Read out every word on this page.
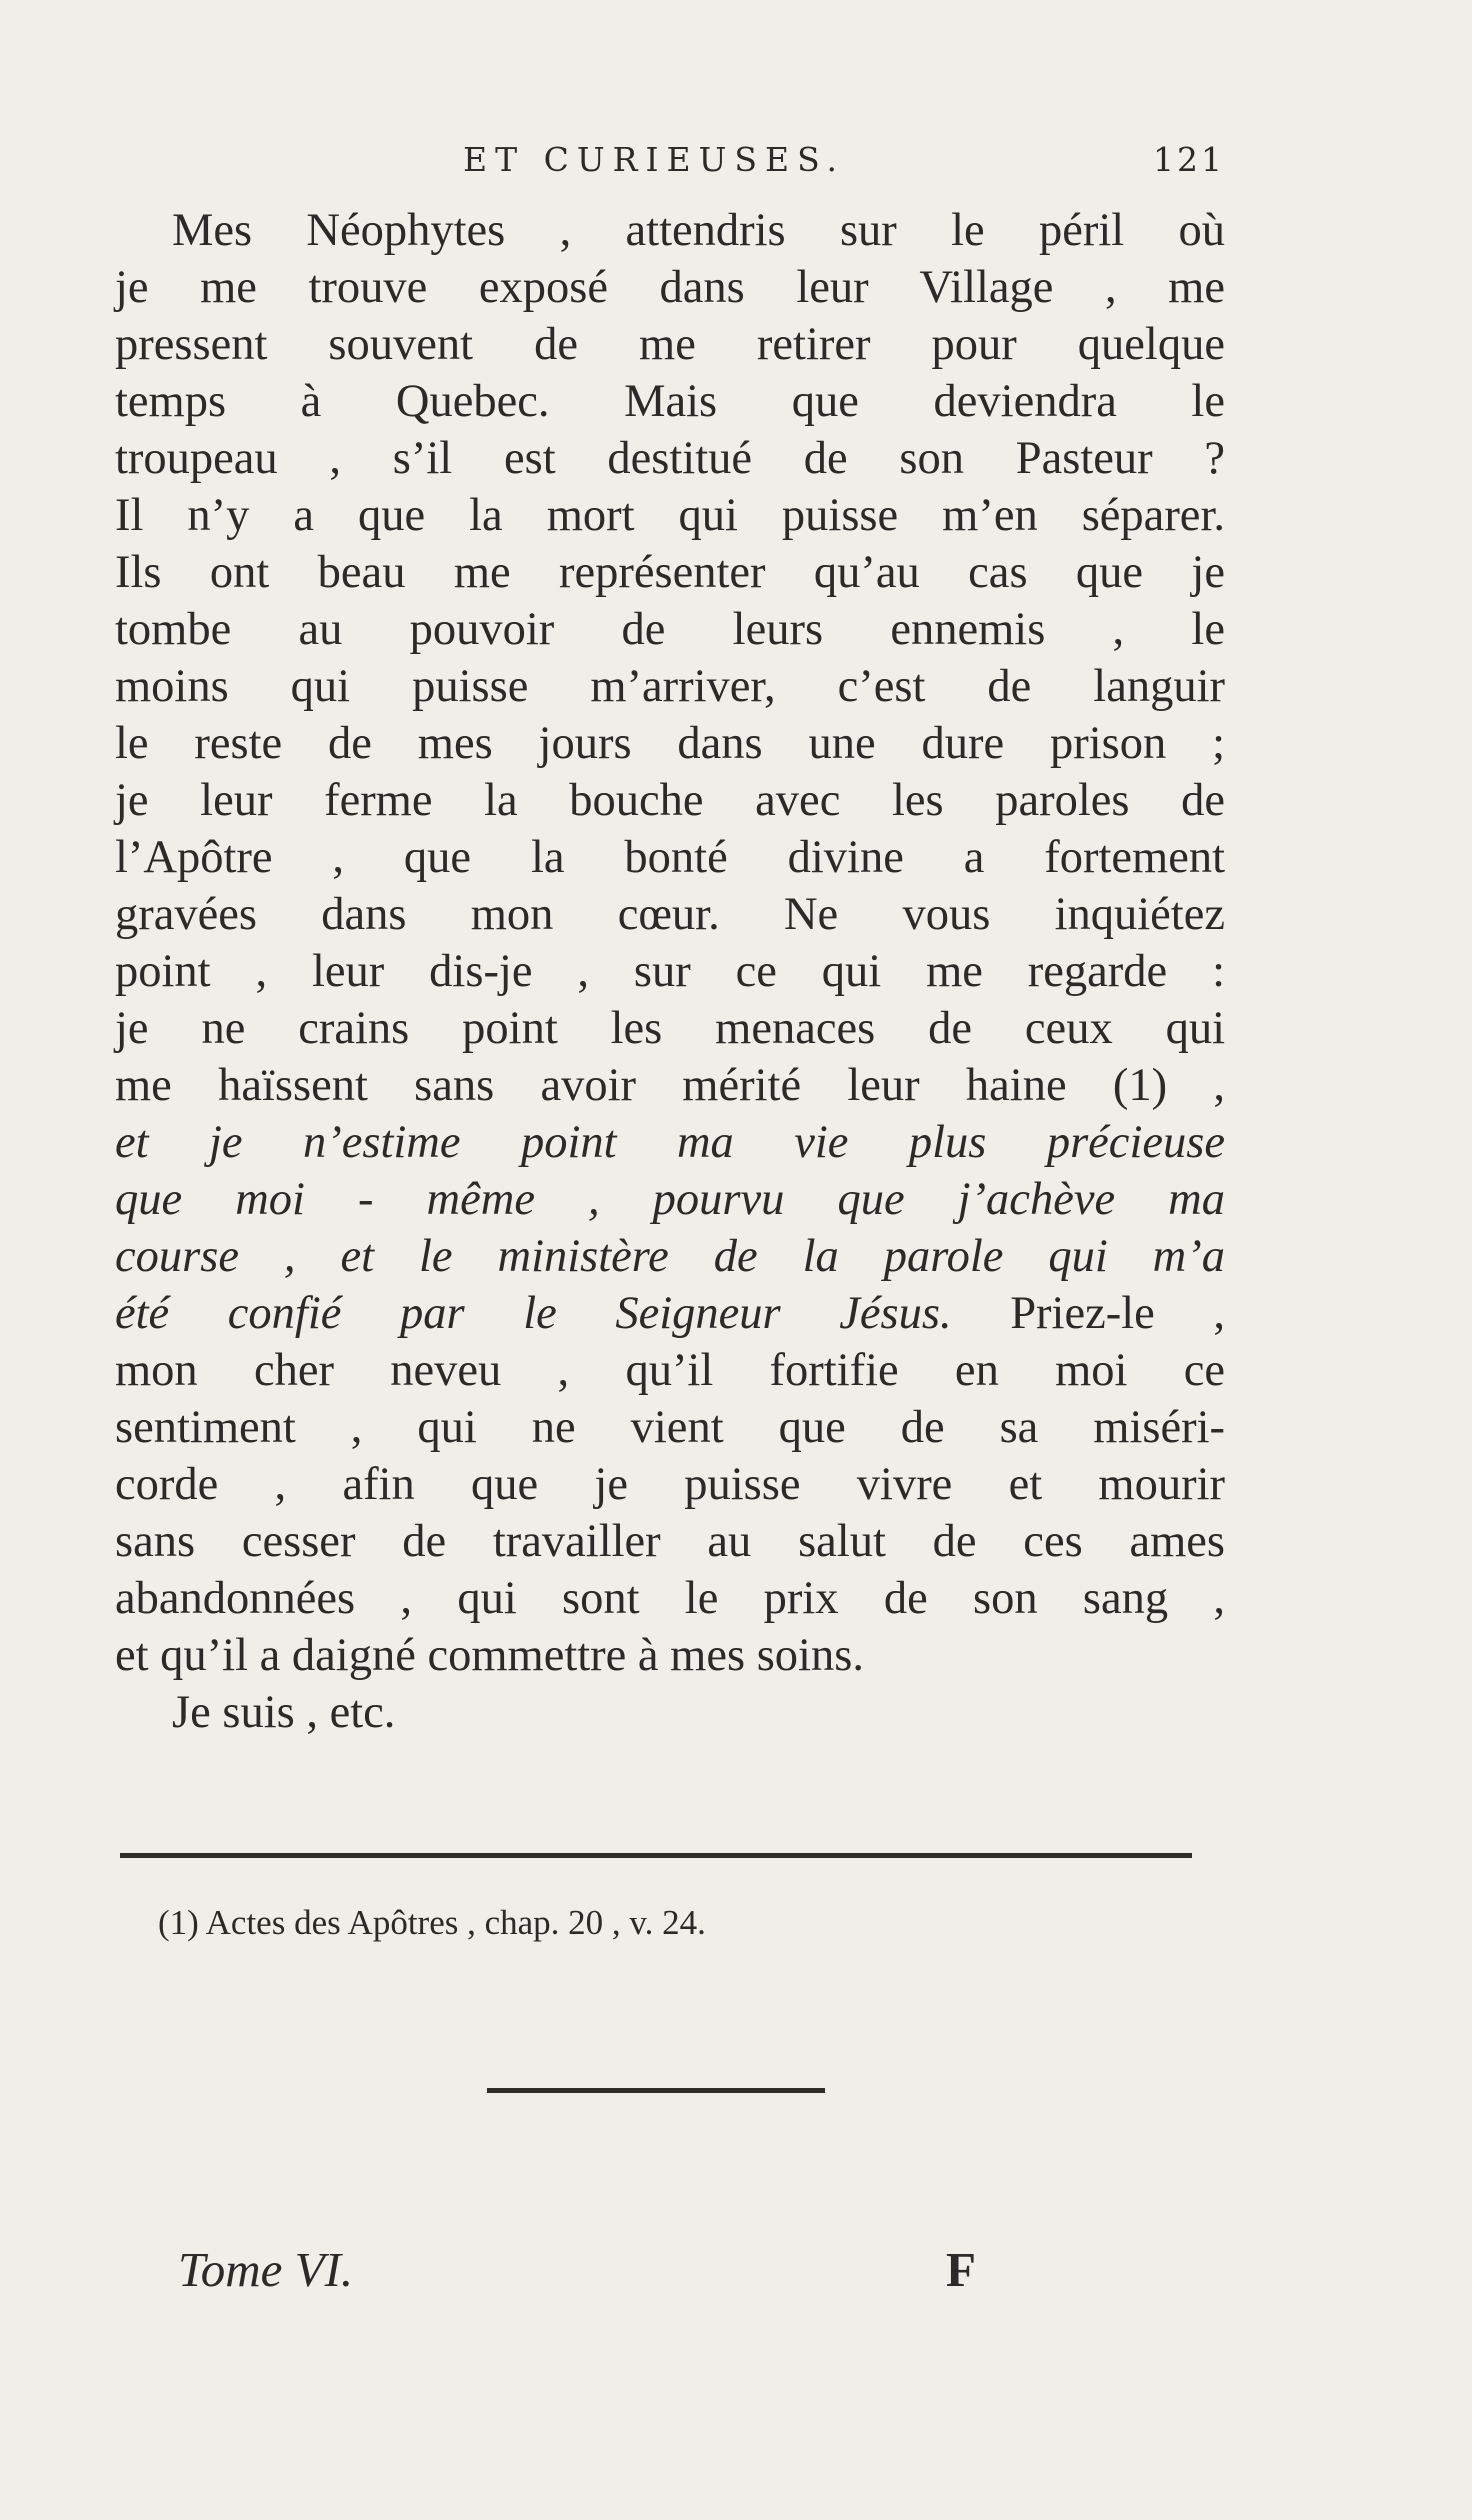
ET CURIEUSES.	121
Mes Néophytes , attendris sur le péril où
je me trouve exposé dans leur Village , me
pressent souvent de me retirer pour quelque
temps à Quebec. Mais que deviendra le
troupeau , s’il est destitué de son Pasteur ?
Il n’y a que la mort qui puisse m’en séparer.
Ils ont beau me représenter qu’au cas que je
tombe au pouvoir de leurs ennemis , le
moins qui puisse m’arriver, c’est de languir
le reste de mes jours dans une dure prison ;
je leur ferme la bouche avec les paroles de
l’Apôtre , que la bonté divine a fortement
gravées dans mon cœur. Ne vous inquiétez
point , leur dis-je , sur ce qui me regarde :
je ne crains point les menaces de ceux qui
me haïssent sans avoir mérité leur haine (1) ,
et je n’estime point ma vie plus précieuse
que moi - même , pourvu que j’achève ma
course , et le ministère de la parole qui m’a
été confié par le Seigneur Jésus. Priez-le ,
mon cher neveu , qu’il fortifie en moi ce
sentiment , qui ne vient que de sa miséri-
corde , afin que je puisse vivre et mourir
sans cesser de travailler au salut de ces ames
abandonnées , qui sont le prix de son sang ,
et qu’il a daigné commettre à mes soins.
Je suis , etc.
(1) Actes des Apôtres , chap. 20 , v. 24.
Tome VI.	F
